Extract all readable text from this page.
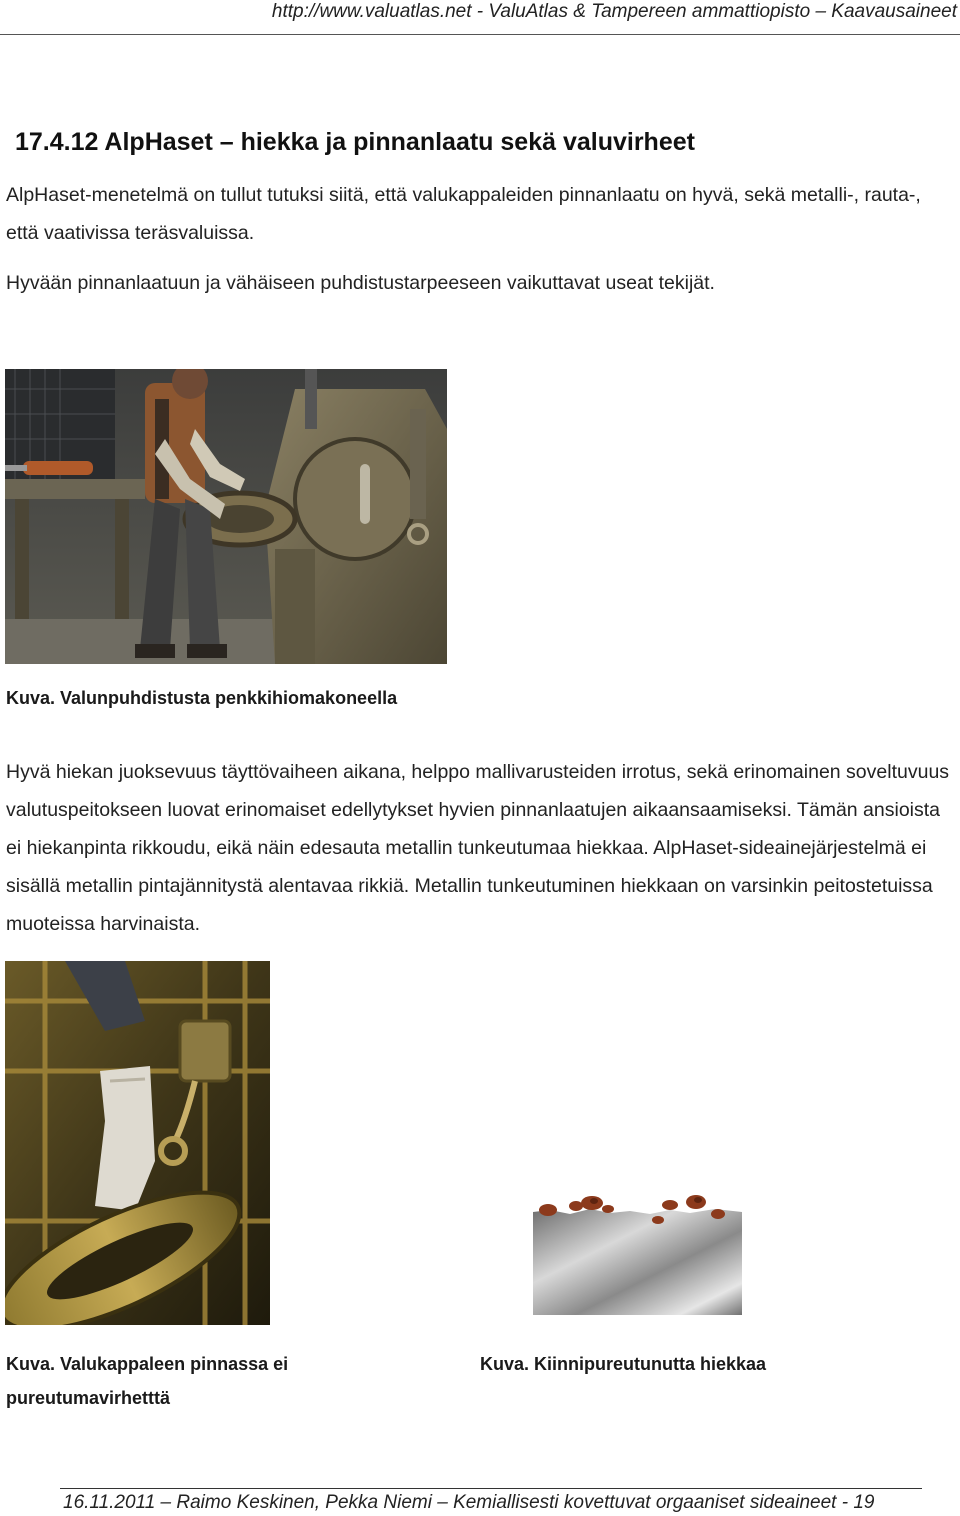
http://www.valuatlas.net - ValuAtlas & Tampereen ammattiopisto – Kaavausaineet
17.4.12 AlpHaset – hiekka ja pinnanlaatu sekä valuvirheet

AlpHaset-menetelmä on tullut tutuksi siitä, että valukappaleiden pinnanlaatu on hyvä, sekä metalli-, rauta-, että vaativissa teräsvaluissa.

Hyvään pinnanlaatuun ja vähäiseen puhdistustarpeeseen vaikuttavat useat tekijät.

Kuva. Valunpuhdistusta penkkihiomakoneella

Hyvä hiekan juoksevuus täyttövaiheen aikana, helppo mallivarusteiden irrotus, sekä erinomainen soveltuvuus valutuspeitokseen luovat erinomaiset edellytykset hyvien pinnanlaatujen aikaansaamiseksi. Tämän ansioista ei hiekanpinta rikkoudu, eikä näin edesauta metallin tunkeutumaa hiekkaa. AlpHaset-sideainejärjestelmä ei sisällä metallin pintajännitystä alentavaa rikkiä. Metallin tunkeutuminen hiekkaan on varsinkin peitostetuissa muoteissa harvinaista.

Kuva. Valukappaleen pinnassa ei pureutumavirhetttä
Kuva. Kiinnipureutunutta hiekkaa
16.11.2011 – Raimo Keskinen, Pekka Niemi – Kemiallisesti kovettuvat orgaaniset sideaineet - 19
